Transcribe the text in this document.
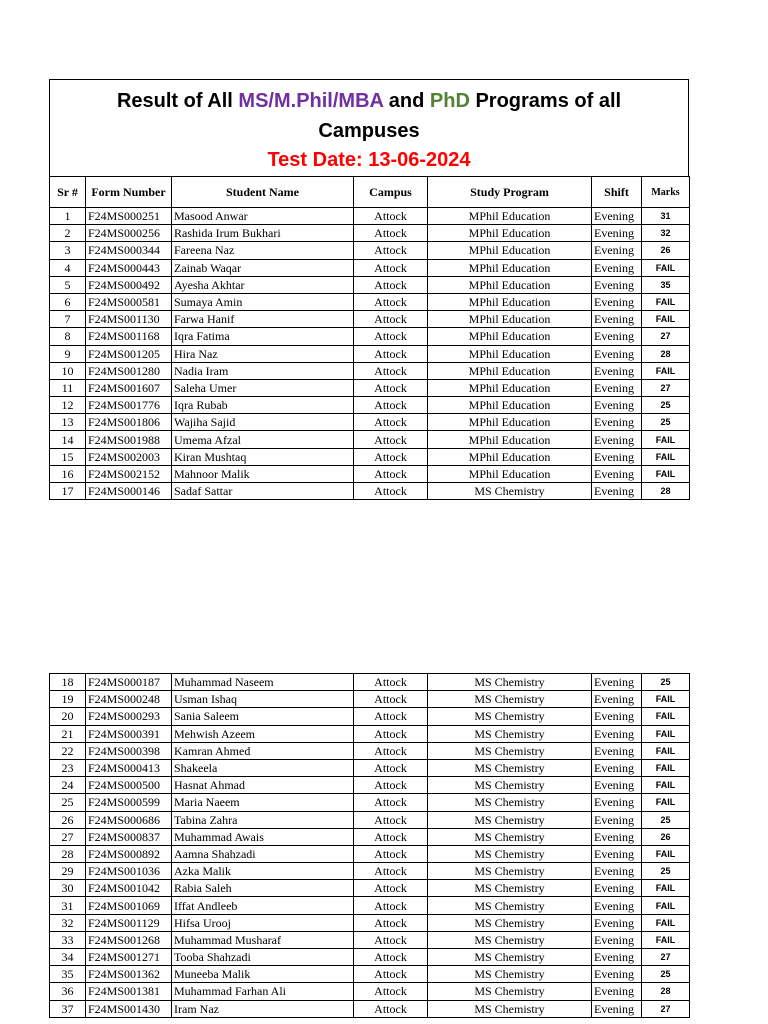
Result of All MS/M.Phil/MBA and PhD Programs of all
Campuses
Test Date: 13-06-2024
Sr #	Form Number	Student Name	Campus	Study Program	Shift	Marks
1	F24MS000251	Masood Anwar	Attock	MPhil Education	Evening	31
2	F24MS000256	Rashida Irum Bukhari	Attock	MPhil Education	Evening	32
3	F24MS000344	Fareena Naz	Attock	MPhil Education	Evening	26
4	F24MS000443	Zainab Waqar	Attock	MPhil Education	Evening	FAIL
5	F24MS000492	Ayesha Akhtar	Attock	MPhil Education	Evening	35
6	F24MS000581	Sumaya Amin	Attock	MPhil Education	Evening	FAIL
7	F24MS001130	Farwa Hanif	Attock	MPhil Education	Evening	FAIL
8	F24MS001168	Iqra Fatima	Attock	MPhil Education	Evening	27
9	F24MS001205	Hira Naz	Attock	MPhil Education	Evening	28
10	F24MS001280	Nadia Iram	Attock	MPhil Education	Evening	FAIL
11	F24MS001607	Saleha Umer	Attock	MPhil Education	Evening	27
12	F24MS001776	Iqra Rubab	Attock	MPhil Education	Evening	25
13	F24MS001806	Wajiha Sajid	Attock	MPhil Education	Evening	25
14	F24MS001988	Umema Afzal	Attock	MPhil Education	Evening	FAIL
15	F24MS002003	Kiran Mushtaq	Attock	MPhil Education	Evening	FAIL
16	F24MS002152	Mahnoor Malik	Attock	MPhil Education	Evening	FAIL
17	F24MS000146	Sadaf Sattar	Attock	MS Chemistry	Evening	28
18	F24MS000187	Muhammad Naseem	Attock	MS Chemistry	Evening	25
19	F24MS000248	Usman Ishaq	Attock	MS Chemistry	Evening	FAIL
20	F24MS000293	Sania Saleem	Attock	MS Chemistry	Evening	FAIL
21	F24MS000391	Mehwish Azeem	Attock	MS Chemistry	Evening	FAIL
22	F24MS000398	Kamran Ahmed	Attock	MS Chemistry	Evening	FAIL
23	F24MS000413	Shakeela	Attock	MS Chemistry	Evening	FAIL
24	F24MS000500	Hasnat Ahmad	Attock	MS Chemistry	Evening	FAIL
25	F24MS000599	Maria Naeem	Attock	MS Chemistry	Evening	FAIL
26	F24MS000686	Tabina Zahra	Attock	MS Chemistry	Evening	25
27	F24MS000837	Muhammad Awais	Attock	MS Chemistry	Evening	26
28	F24MS000892	Aamna Shahzadi	Attock	MS Chemistry	Evening	FAIL
29	F24MS001036	Azka Malik	Attock	MS Chemistry	Evening	25
30	F24MS001042	Rabia Saleh	Attock	MS Chemistry	Evening	FAIL
31	F24MS001069	Iffat Andleeb	Attock	MS Chemistry	Evening	FAIL
32	F24MS001129	Hifsa Urooj	Attock	MS Chemistry	Evening	FAIL
33	F24MS001268	Muhammad Musharaf	Attock	MS Chemistry	Evening	FAIL
34	F24MS001271	Tooba Shahzadi	Attock	MS Chemistry	Evening	27
35	F24MS001362	Muneeba Malik	Attock	MS Chemistry	Evening	25
36	F24MS001381	Muhammad Farhan Ali	Attock	MS Chemistry	Evening	28
37	F24MS001430	Iram Naz	Attock	MS Chemistry	Evening	27
